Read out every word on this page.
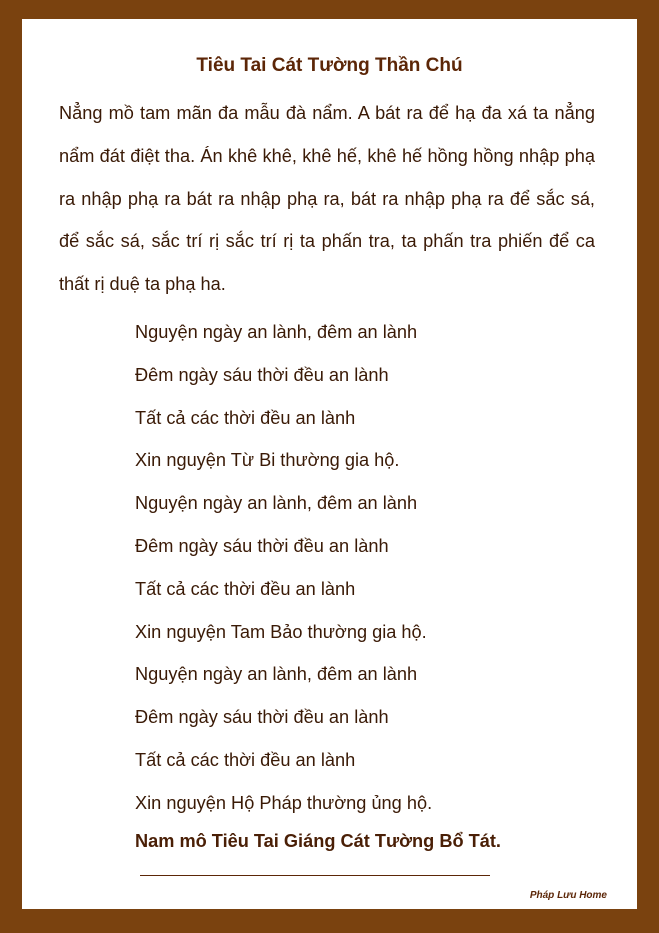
Tiêu Tai Cát Tường Thần Chú

Nẳng mồ tam mãn đa mẫu đà nẩm. A bát ra để hạ đa xá ta nẳng nẩm đát điệt tha. Án khê khê, khê hế, khê hế hồng hồng nhập phạ ra nhập phạ ra bát ra nhập phạ ra, bát ra nhập phạ ra để sắc sá, để sắc sá, sắc trí rị sắc trí rị ta phấn tra, ta phấn tra phiến để ca thất rị duệ ta phạ ha.

Nguyện ngày an lành, đêm an lành
Đêm ngày sáu thời đều an lành
Tất cả các thời đều an lành
Xin nguyện Từ Bi thường gia hộ.
Nguyện ngày an lành, đêm an lành
Đêm ngày sáu thời đều an lành
Tất cả các thời đều an lành
Xin nguyện Tam Bảo thường gia hộ.
Nguyện ngày an lành, đêm an lành
Đêm ngày sáu thời đều an lành
Tất cả các thời đều an lành
Xin nguyện Hộ Pháp thường ủng hộ.

Nam mô Tiêu Tai Giáng Cát Tường Bổ Tát.

Pháp Lưu Home
